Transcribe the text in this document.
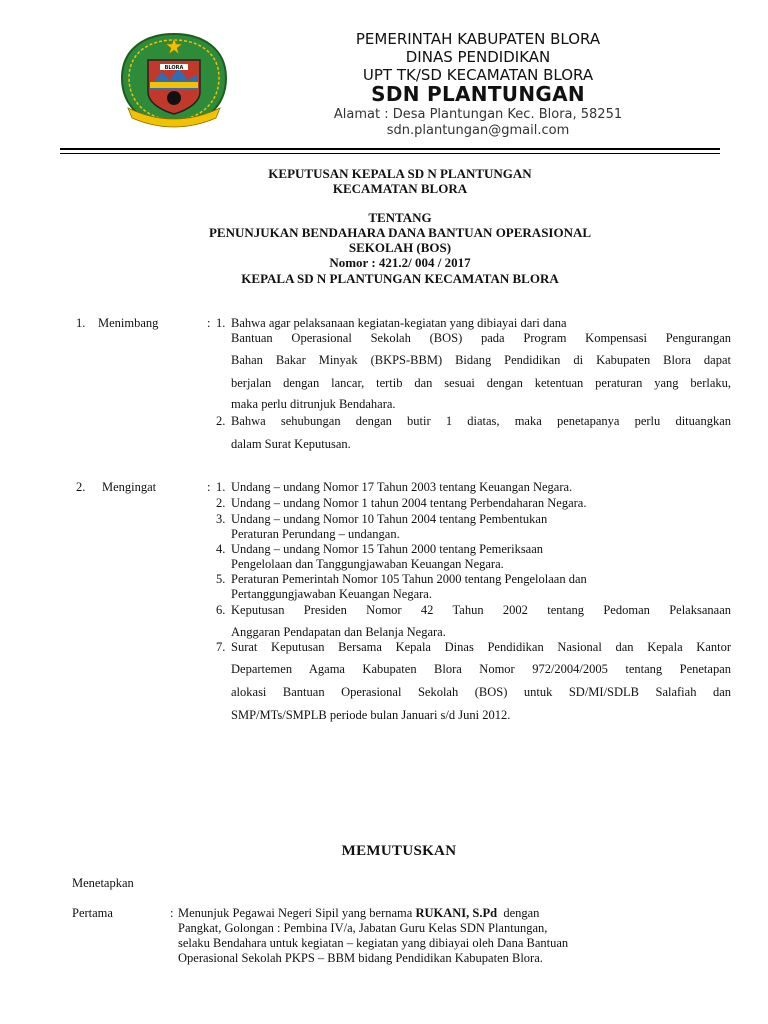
BLORA
PEMERINTAH KABUPATEN BLORA
DINAS PENDIDIKAN
UPT TK/SD KECAMATAN BLORA
SDN PLANTUNGAN
Alamat : Desa Plantungan Kec. Blora, 58251
sdn.plantungan@gmail.com
KEPUTUSAN KEPALA SD N PLANTUNGAN
KECAMATAN BLORA
TENTANG
PENUNJUKAN BENDAHARA DANA BANTUAN OPERASIONAL
SEKOLAH (BOS)
Nomor : 421.2/ 004 / 2017
KEPALA SD N PLANTUNGAN KECAMATAN BLORA
1. Menimbang	: 1. Bahwa agar pelaksanaan kegiatan-kegiatan yang dibiayai dari dana
Bantuan Operasional Sekolah (BOS) pada Program Kompensasi Pengurangan
Bahan Bakar Minyak (BKPS-BBM) Bidang Pendidikan di Kabupaten Blora dapat
berjalan dengan lancar, tertib dan sesuai dengan ketentuan peraturan yang berlaku,
maka perlu ditrunjuk Bendahara.
2. Bahwa sehubungan dengan butir 1 diatas, maka penetapanya perlu dituangkan
dalam Surat Keputusan.
2. Mengingat	: 1. Undang – undang Nomor 17 Tahun 2003 tentang Keuangan Negara.
2. Undang – undang Nomor 1 tahun 2004 tentang Perbendaharan Negara.
3. Undang – undang Nomor 10 Tahun 2004 tentang Pembentukan
Peraturan Perundang – undangan.
4. Undang – undang Nomor 15 Tahun 2000 tentang Pemeriksaan
Pengelolaan dan Tanggungjawaban Keuangan Negara.
5. Peraturan Pemerintah Nomor 105 Tahun 2000 tentang Pengelolaan dan
Pertanggungjawaban Keuangan Negara.
6. Keputusan Presiden Nomor 42 Tahun 2002 tentang Pedoman Pelaksanaan
Anggaran Pendapatan dan Belanja Negara.
7. Surat Keputusan Bersama Kepala Dinas Pendidikan Nasional dan Kepala Kantor
Departemen Agama Kabupaten Blora Nomor 972/2004/2005 tentang Penetapan
alokasi Bantuan Operasional Sekolah (BOS) untuk SD/MI/SDLB Salafiah dan
SMP/MTs/SMPLB periode bulan Januari s/d Juni 2012.
MEMUTUSKAN
Menetapkan
Pertama	: Menunjuk Pegawai Negeri Sipil yang bernama RUKANI, S.Pd dengan
Pangkat, Golongan : Pembina IV/a, Jabatan Guru Kelas SDN Plantungan,
selaku Bendahara untuk kegiatan – kegiatan yang dibiayai oleh Dana Bantuan
Operasional Sekolah PKPS – BBM bidang Pendidikan Kabupaten Blora.
